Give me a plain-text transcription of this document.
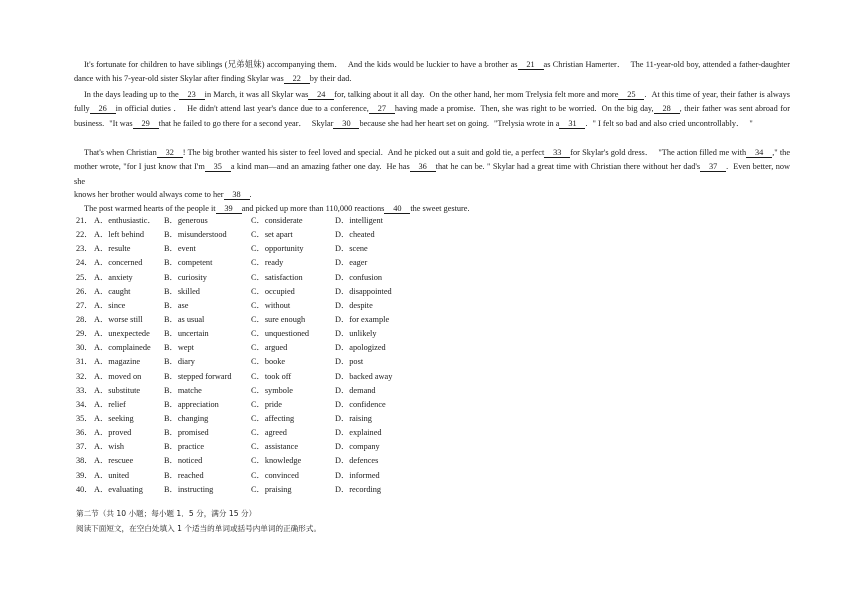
It's fortunate for children to have siblings (兄弟姐妹) accompanying them． And the kids would be luckier to have a brother as 21 as Christian Hamerter． The 11-year-old boy, attended a father-daughter dance with his 7-year-old sister Skylar after finding Skylar was 22 by their dad.

In the days leading up to the 23 in March, it was all Skylar was 24 for, talking about it all day. On the other hand, her mom Trelysia felt more and more 25 . At this time of year, their father is always fully 26 in official duties ． He didn't attend last year's dance due to a conference, 27 having made a promise. Then, she was right to be worried. On the big day, 28 , their father was sent abroad for business. "It was 29 that he failed to go there for a second year． Skylar 30 because she had her heart set on going. "Trelysia wrote in a 31 . " I felt so bad and also cried uncontrollably． "

That's when Christian 32 ! The big brother wanted his sister to feel loved and special. And he picked out a suit and gold tie, a perfect 33 for Skylar's gold dress． "The action filled me with 34 ," the mother wrote, "for I just know that I'm 35 a kind man—and an amazing father one day. He has 36 that he can be. " Skylar had a great time with Christian there without her dad's 37 . Even better, now she

knows her brother would always come to her 38 .

The post warmed hearts of the people it 39 and picked up more than 110,000 reactions 40 the sweet gesture.

21． A．enthusiastic． B．generous	C．considerate	D．intelligent
22． A．left behind B．misunderstood	C．set apart	D．cheated
23． A．resulte	B．event	C．opportunity	D．scene
24． A．concerned	B．competent	C．ready	D．eager
25． A．anxiety	B．curiosity	C．satisfaction	D．confusion
26． A．caught	B．skilled	C．occupied	D．disappointed
27． A．since	B．ase	C．without	D．despite
28． A．worse still	B．as usual	C．sure enough	D．for example
29． A．unexpectede B．uncertain	C．unquestioned	D．unlikely
30． A．complainede B．wept	C．argued	D．apologized
31． A．magazine	B．diary	C．booke	D．post
32． A．moved on	B．stepped forward C．took off	D．backed away
33． A．substitute	B．matche	C．symbole	D．demand
34． A．relief	B．appreciation	C．pride	D．confidence
35． A．seeking	B．changing	C．affecting	D．raising
36． A．proved	B．promised	C．agreed	D．explained
37． A．wish	B．practice	C．assistance	D．company
38． A．rescuee	B．noticed	C．knowledge	D．defences
39． A．united	B．reached	C．convinced	D．informed
40． A．evaluating	B．instructing	C．praising	D．recording
第二节（共 10 小题；每小题 1．5 分，满分 15 分）
阅读下面短文，在空白处填入 1 个适当的单词或括号内单词的正确形式。
